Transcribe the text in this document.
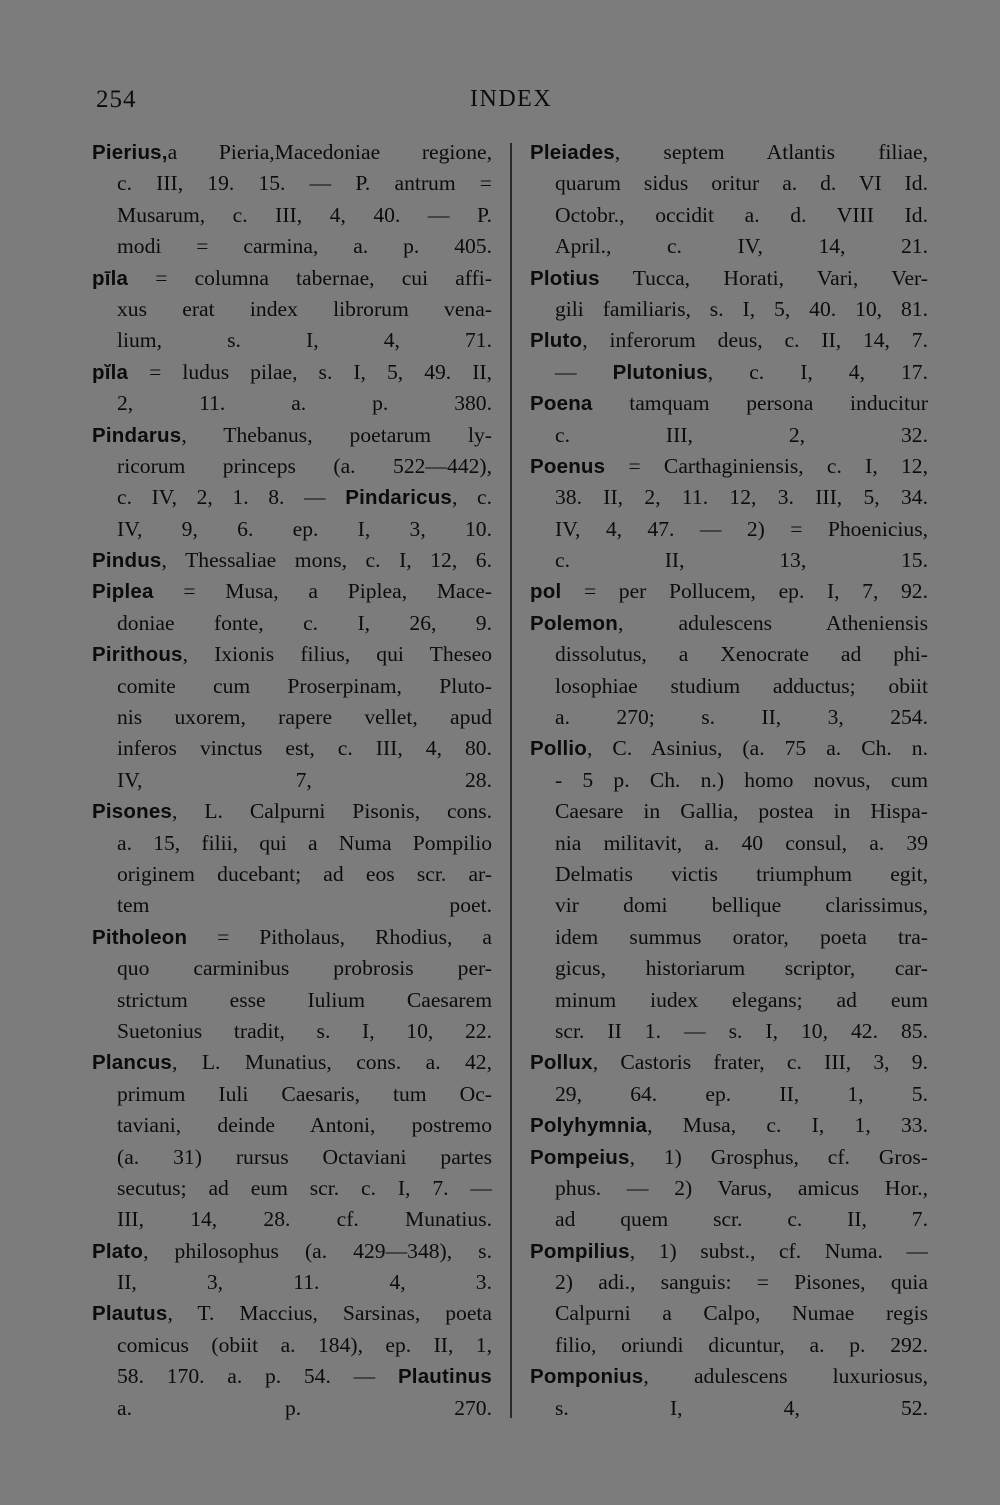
254	INDEX
Pierius,a Pieria,Macedoniae regione,
c. III, 19. 15. — P. antrum =
Musarum, c. III, 4, 40. — P.
modi = carmina, a. p. 405.
pīla = columna tabernae, cui affi-
xus erat index librorum vena-
lium, s. I, 4, 71.
pĭla = ludus pilae, s. I, 5, 49. II,
2, 11. a. p. 380.
Pindarus, Thebanus, poetarum ly-
ricorum princeps (a. 522—442),
c. IV, 2, 1. 8. — Pindaricus, c.
IV, 9, 6. ep. I, 3, 10.
Pindus, Thessaliae mons, c. I, 12, 6.
Piplea = Musa, a Piplea, Mace-
doniae fonte, c. I, 26, 9.
Pirithous, Ixionis filius, qui Theseo
comite cum Proserpinam, Pluto-
nis uxorem, rapere vellet, apud
inferos vinctus est, c. III, 4, 80.
IV, 7, 28.
Pisones, L. Calpurni Pisonis, cons.
a. 15, filii, qui a Numa Pompilio
originem ducebant; ad eos scr. ar-
tem poet.
Pitholeon = Pitholaus, Rhodius, a
quo carminibus probrosis per-
strictum esse Iulium Caesarem
Suetonius tradit, s. I, 10, 22.
Plancus, L. Munatius, cons. a. 42,
primum Iuli Caesaris, tum Oc-
taviani, deinde Antoni, postremo
(a. 31) rursus Octaviani partes
secutus; ad eum scr. c. I, 7. —
III, 14, 28. cf. Munatius.
Plato, philosophus (a. 429—348), s.
II, 3, 11. 4, 3.
Plautus, T. Maccius, Sarsinas, poeta
comicus (obiit a. 184), ep. II, 1,
58. 170. a. p. 54. — Plautinus
a. p. 270.
Pleiades, septem Atlantis filiae,
quarum sidus oritur a. d. VI Id.
Octobr., occidit a. d. VIII Id.
April., c. IV, 14, 21.
Plotius Tucca, Horati, Vari, Ver-
gili familiaris, s. I, 5, 40. 10, 81.
Pluto, inferorum deus, c. II, 14, 7.
— Plutonius, c. I, 4, 17.
Poena tamquam persona inducitur
c. III, 2, 32.
Poenus = Carthaginiensis, c. I, 12,
38. II, 2, 11. 12, 3. III, 5, 34.
IV, 4, 47. — 2) = Phoenicius,
c. II, 13, 15.
pol = per Pollucem, ep. I, 7, 92.
Polemon, adulescens Atheniensis
dissolutus, a Xenocrate ad phi-
losophiae studium adductus; obiit
a. 270; s. II, 3, 254.
Pollio, C. Asinius, (a. 75 a. Ch. n.
- 5 p. Ch. n.) homo novus, cum
Caesare in Gallia, postea in Hispa-
nia militavit, a. 40 consul, a. 39
Delmatis victis triumphum egit,
vir domi bellique clarissimus,
idem summus orator, poeta tra-
gicus, historiarum scriptor, car-
minum iudex elegans; ad eum
scr. II 1. — s. I, 10, 42. 85.
Pollux, Castoris frater, c. III, 3, 9.
29, 64. ep. II, 1, 5.
Polyhymnia, Musa, c. I, 1, 33.
Pompeius, 1) Grosphus, cf. Gros-
phus. — 2) Varus, amicus Hor.,
ad quem scr. c. II, 7.
Pompilius, 1) subst., cf. Numa. —
2) adi., sanguis: = Pisones, quia
Calpurni a Calpo, Numae regis
filio, oriundi dicuntur, a. p. 292.
Pomponius, adulescens luxuriosus,
s. I, 4, 52.
